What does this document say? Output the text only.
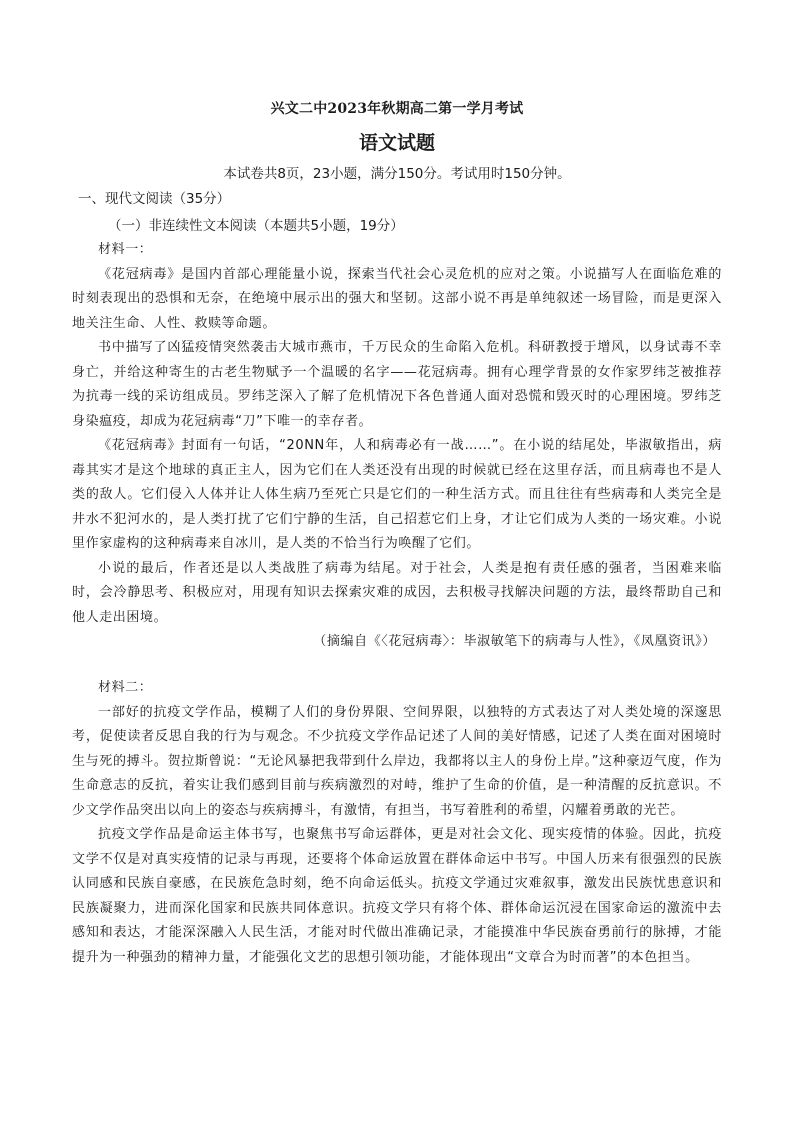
兴文二中2023年秋期高二第一学月考试
语文试题
本试卷共8页，23小题，满分150分。考试用时150分钟。
一、现代文阅读（35分）
（一）非连续性文本阅读（本题共5小题，19分）

材料一：

《花冠病毒》是国内首部心理能量小说，探索当代社会心灵危机的应对之策。小说描写人在面临危难的时刻表现出的恐惧和无奈，在绝境中展示出的强大和坚韧。这部小说不再是单纯叙述一场冒险，而是更深入地关注生命、人性、救赎等命题。

书中描写了凶猛疫情突然袭击大城市燕市，千万民众的生命陷入危机。科研教授于增风，以身试毒不幸身亡，并给这种寄生的古老生物赋予一个温暖的名字——花冠病毒。拥有心理学背景的女作家罗纬芝被推荐为抗毒一线的采访组成员。罗纬芝深入了解了危机情况下各色普通人面对恐慌和毁灭时的心理困境。罗纬芝身染瘟疫，却成为花冠病毒“刀”下唯一的幸存者。

《花冠病毒》封面有一句话，“20NN年，人和病毒必有一战……”。在小说的结尾处，毕淑敏指出，病毒其实才是这个地球的真正主人，因为它们在人类还没有出现的时候就已经在这里存活，而且病毒也不是人类的敌人。它们侵入人体并让人体生病乃至死亡只是它们的一种生活方式。而且往往有些病毒和人类完全是井水不犯河水的，是人类打扰了它们宁静的生活，自己招惹它们上身，才让它们成为人类的一场灾难。小说里作家虚构的这种病毒来自冰川，是人类的不恰当行为唤醒了它们。

小说的最后，作者还是以人类战胜了病毒为结尾。对于社会，人类是抱有责任感的强者，当困难来临时，会冷静思考、积极应对，用现有知识去探索灾难的成因，去积极寻找解决问题的方法，最终帮助自己和他人走出困境。

（摘编自《〈花冠病毒〉：毕淑敏笔下的病毒与人性》，《凤凰资讯》）

材料二：

一部好的抗疫文学作品，模糊了人们的身份界限、空间界限，以独特的方式表达了对人类处境的深邃思考，促使读者反思自我的行为与观念。不少抗疫文学作品记述了人间的美好情感，记述了人类在面对困境时生与死的搏斗。贺拉斯曾说：“无论风暴把我带到什么岸边，我都将以主人的身份上岸。”这种豪迈气度，作为生命意志的反抗，着实让我们感到目前与疾病激烈的对峙，维护了生命的价值，是一种清醒的反抗意识。不少文学作品突出以向上的姿态与疾病搏斗，有激情，有担当，书写着胜利的希望，闪耀着勇敢的光芒。

抗疫文学作品是命运主体书写，也聚焦书写命运群体，更是对社会文化、现实疫情的体验。因此，抗疫文学不仅是对真实疫情的记录与再现，还要将个体命运放置在群体命运中书写。中国人历来有很强烈的民族认同感和民族自豪感，在民族危急时刻，绝不向命运低头。抗疫文学通过灾难叙事，激发出民族忧患意识和民族凝聚力，进而深化国家和民族共同体意识。抗疫文学只有将个体、群体命运沉浸在国家命运的激流中去感知和表达，才能深深融入人民生活，才能对时代做出准确记录，才能摸准中华民族奋勇前行的脉搏，才能提升为一种强劲的精神力量，才能强化文艺的思想引领功能，才能体现出“文章合为时而著”的本色担当。
